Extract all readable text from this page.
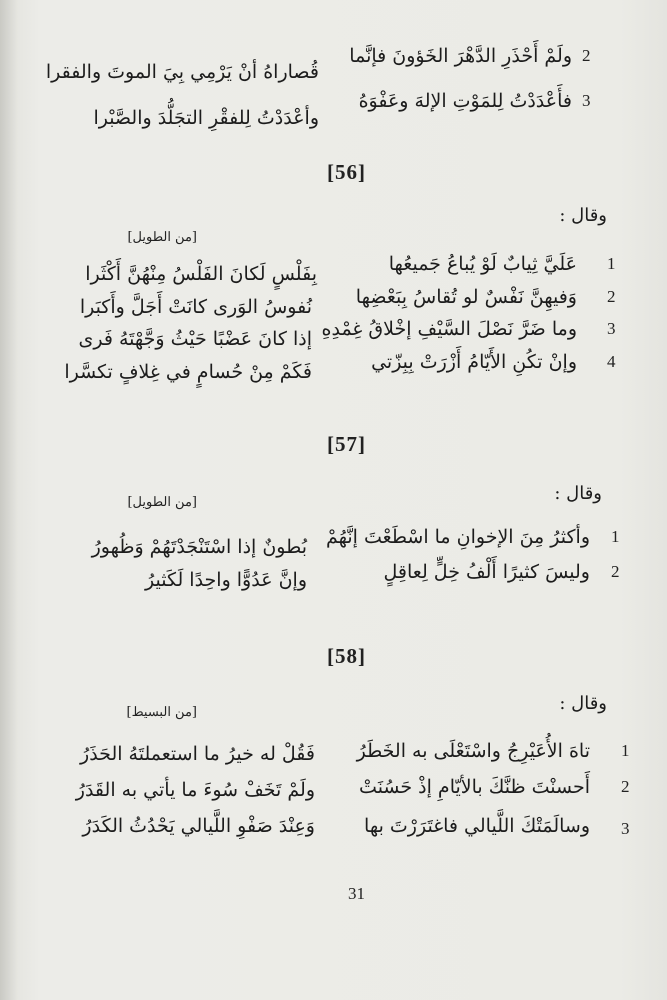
2
ولَمْ أَحْذَرِ الدَّهْرَ الخَؤونَ فإنَّما
قُصاراهُ أنْ يَرْمِي بِيَ الموتَ والفقرا
3
فأَعْدَدْتُ لِلمَوْتِ الإلهَ وعَفْوَهُ
وأعْدَدْتُ لِلفقْرِ التجَلُّدَ والصَّبْرا
[56]
وقال :
[من الطويل]
1
عَلَيَّ ثِيابٌ لَوْ يُباعُ جَميعُها
بِفَلْسٍ لَكانَ الفَلْسُ مِنْهُنَّ أَكْثَرا
2
وَفيهِنَّ نَفْسٌ لو تُقاسُ بِبَعْضِها
نُفوسُ الوَرى كانَتْ أَجَلَّ وأَكبَرا
3
وما ضَرَّ نَصْلَ السَّيْفِ إخْلاقُ غِمْدِهِ
إذا كانَ عَضْبًا حَيْثُ وَجَّهْتَهُ فَرى
4
وإنْ تكُنِ الأَيّامُ أَزْرَتْ بِبِزّتي
فَكَمْ مِنْ حُسامٍ في غِلافٍ تكسَّرا
[57]
وقال :
[من الطويل]
1
وأكثرُ مِنَ الإخوانِ ما اسْطَعْتَ إنَّهُمْ
بُطونٌ إذا اسْتَنْجَدْتَهُمْ وَظُهورُ
2
وليسَ كثيرًا أَلْفُ خِلٍّ لِعاقِلٍ
وإنَّ عَدُوًّا واحِدًا لَكَثيرُ
[58]
وقال :
[من البسيط]
1
تاهَ الأُعَيْرِجُ واسْتَعْلَى به الخَطَرُ
فَقُلْ له خيرُ ما استعملتَهُ الحَذَرُ
2
أَحسنْتَ ظنَّكَ بالأيّامِ إذْ حَسُنَتْ
ولَمْ تَخَفْ سُوءَ ما يأتي به القَدَرُ
3
وسالَمَتْكَ اللَّيالي فاغتَرَرْتَ بها
وَعِنْدَ صَفْوِ اللَّيالي يَحْدُثُ الكَدَرُ
31
